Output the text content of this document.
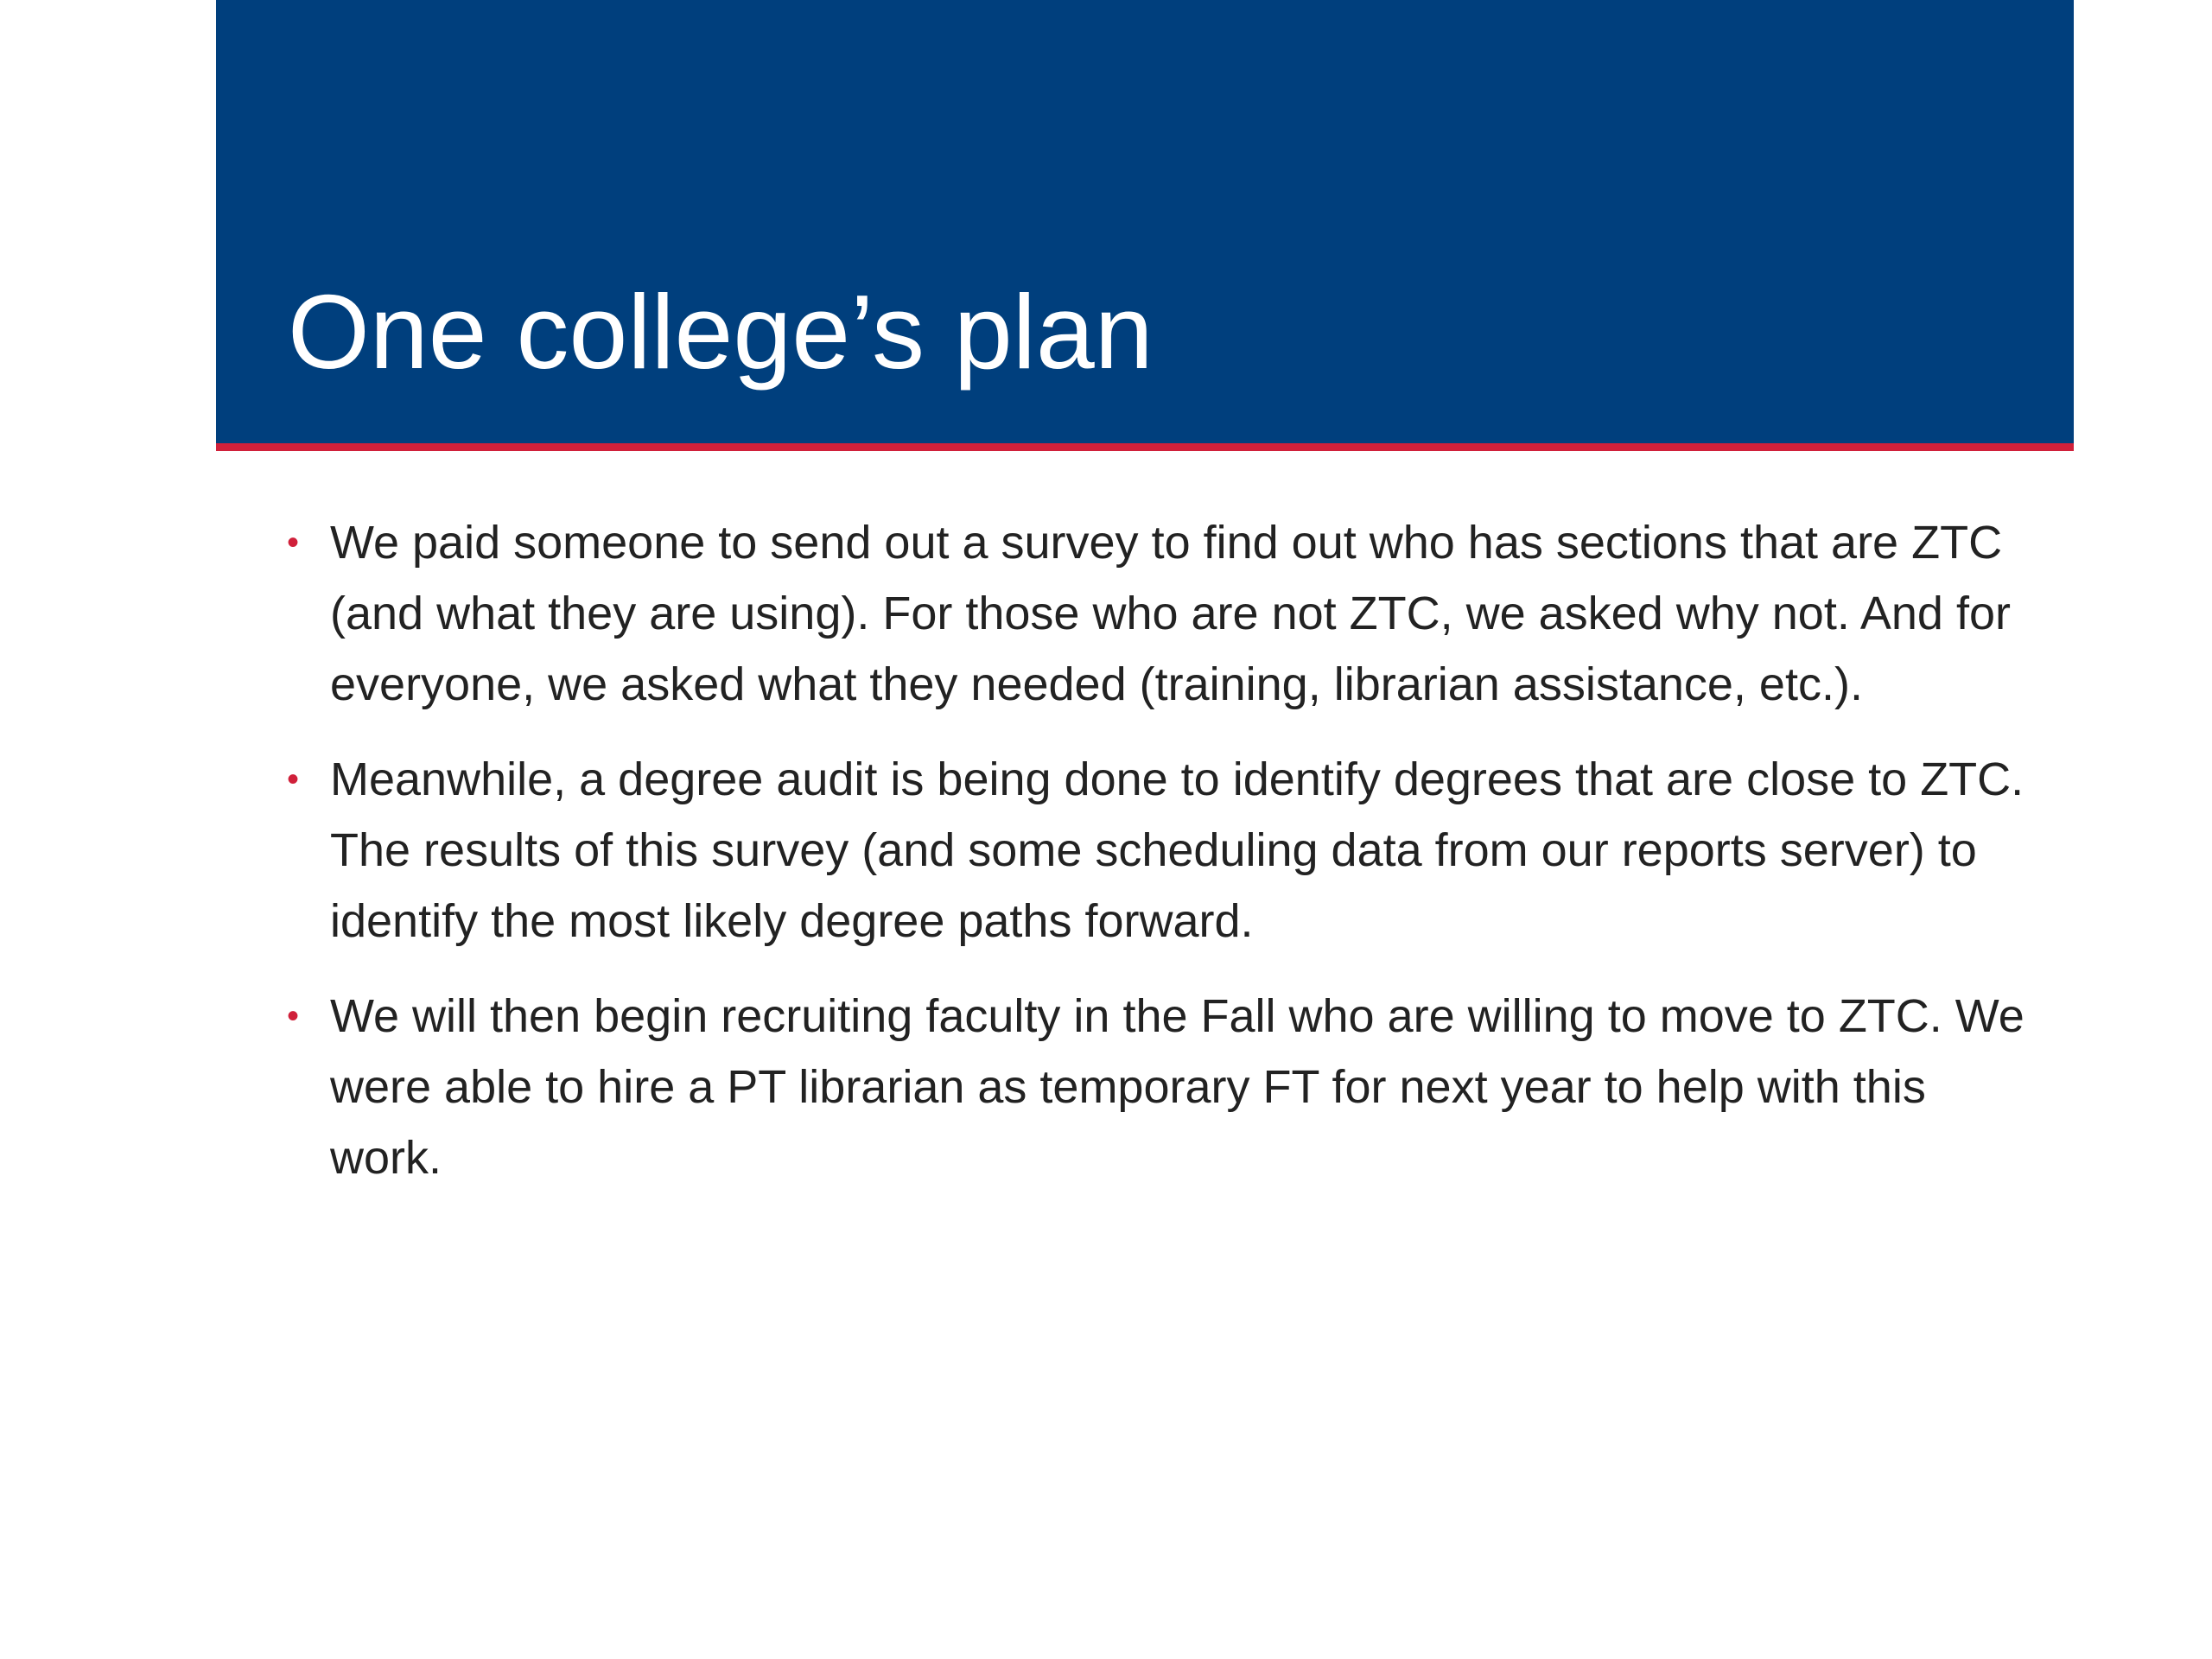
One college’s plan
• We paid someone to send out a survey to find out who has sections that are ZTC (and what they are using). For those who are not ZTC, we asked why not. And for everyone, we asked what they needed (training, librarian assistance, etc.).
• Meanwhile, a degree audit is being done to identify degrees that are close to ZTC. The results of this survey (and some scheduling data from our reports server) to identify the most likely degree paths forward.
• We will then begin recruiting faculty in the Fall who are willing to move to ZTC. We were able to hire a PT librarian as temporary FT for next year to help with this work.
